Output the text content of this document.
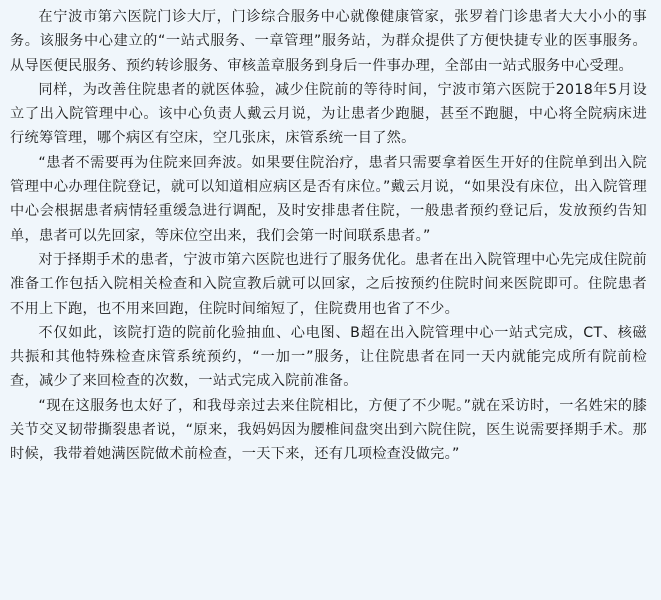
在宁波市第六医院门诊大厅，门诊综合服务中心就像健康管家，张罗着门诊患者大大小小的事务。该服务中心建立的“一站式服务、一章管理”服务站，为群众提供了方便快捷专业的医事服务。从导医便民服务、预约转诊服务、审核盖章服务到身后一件事办理，全部由一站式服务中心受理。

同样，为改善住院患者的就医体验，减少住院前的等待时间，宁波市第六医院于2018年5月设立了出入院管理中心。该中心负责人戴云月说，为让患者少跑腿，甚至不跑腿，中心将全院病床进行统筹管理，哪个病区有空床，空几张床，床管系统一目了然。

“患者不需要再为住院来回奔波。如果要住院治疗，患者只需要拿着医生开好的住院单到出入院管理中心办理住院登记，就可以知道相应病区是否有床位。”戴云月说，“如果没有床位，出入院管理中心会根据患者病情轻重缓急进行调配，及时安排患者住院，一般患者预约登记后，发放预约告知单，患者可以先回家，等床位空出来，我们会第一时间联系患者。”

对于择期手术的患者，宁波市第六医院也进行了服务优化。患者在出入院管理中心先完成住院前准备工作包括入院相关检查和入院宣教后就可以回家，之后按预约住院时间来医院即可。住院患者不用上下跑，也不用来回跑，住院时间缩短了，住院费用也省了不少。

不仅如此，该院打造的院前化验抽血、心电图、B超在出入院管理中心一站式完成，CT、核磁共振和其他特殊检查床管系统预约，“一加一”服务，让住院患者在同一天内就能完成所有院前检查，减少了来回检查的次数，一站式完成入院前准备。

“现在这服务也太好了，和我母亲过去来住院相比，方便了不少呢。”就在采访时，一名姓宋的膝关节交叉韧带撕裂患者说，“原来，我妈妈因为腰椎间盘突出到六院住院，医生说需要择期手术。那时候，我带着她满医院做术前检查，一天下来，还有几项检查没做完。”
